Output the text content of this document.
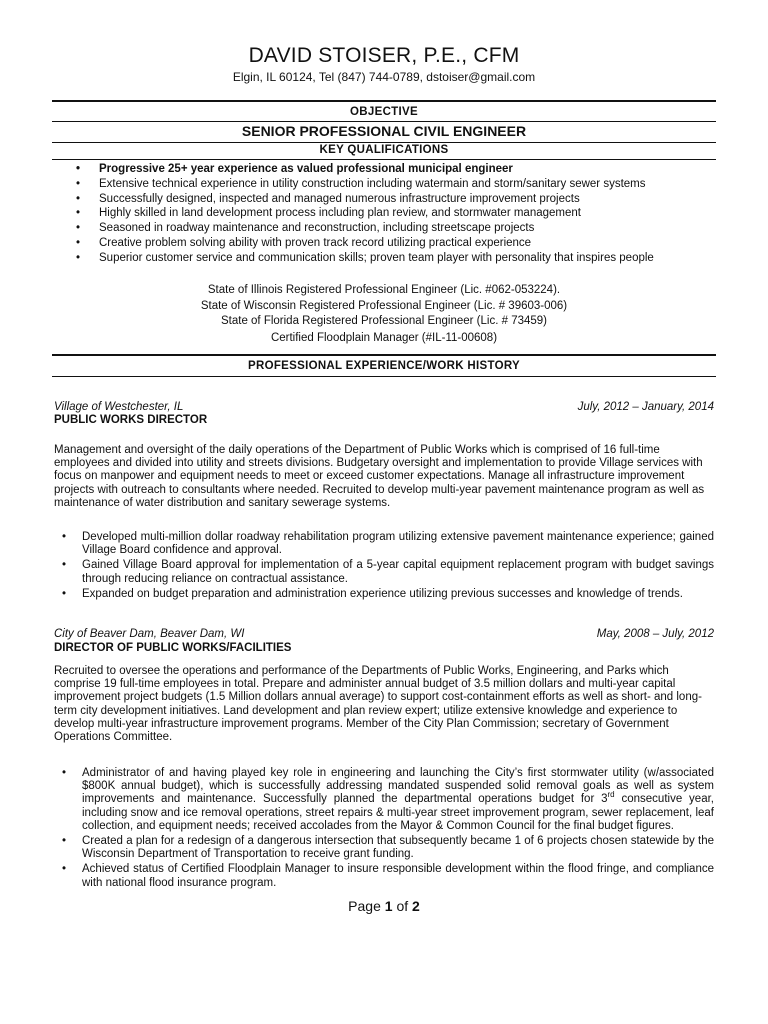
DAVID STOISER, P.E., CFM
Elgin, IL 60124, Tel (847) 744-0789, dstoiser@gmail.com
OBJECTIVE
SENIOR PROFESSIONAL CIVIL ENGINEER
KEY QUALIFICATIONS
• Progressive 25+ year experience as valued professional municipal engineer
• Extensive technical experience in utility construction including watermain and storm/sanitary sewer systems
• Successfully designed, inspected and managed numerous infrastructure improvement projects
• Highly skilled in land development process including plan review, and stormwater management
• Seasoned in roadway maintenance and reconstruction, including streetscape projects
• Creative problem solving ability with proven track record utilizing practical experience
• Superior customer service and communication skills; proven team player with personality that inspires people
State of Illinois Registered Professional Engineer (Lic. #062-053224).
State of Wisconsin Registered Professional Engineer (Lic. # 39603-006)
State of Florida Registered Professional Engineer (Lic. # 73459)
Certified Floodplain Manager (#IL-11-00608)
PROFESSIONAL EXPERIENCE/WORK HISTORY
Village of Westchester, IL	July, 2012 – January, 2014
PUBLIC WORKS DIRECTOR

Management and oversight of the daily operations of the Department of Public Works which is comprised of 16 full-time employees and divided into utility and streets divisions. Budgetary oversight and implementation to provide Village services with focus on manpower and equipment needs to meet or exceed customer expectations. Manage all infrastructure improvement projects with outreach to consultants where needed. Recruited to develop multi-year pavement maintenance program as well as maintenance of water distribution and sanitary sewerage systems.

• Developed multi-million dollar roadway rehabilitation program utilizing extensive pavement maintenance experience; gained Village Board confidence and approval.
• Gained Village Board approval for implementation of a 5-year capital equipment replacement program with budget savings through reducing reliance on contractual assistance.
• Expanded on budget preparation and administration experience utilizing previous successes and knowledge of trends.
City of Beaver Dam, Beaver Dam, WI	May, 2008 – July, 2012
DIRECTOR OF PUBLIC WORKS/FACILITIES

Recruited to oversee the operations and performance of the Departments of Public Works, Engineering, and Parks which comprise 19 full-time employees in total. Prepare and administer annual budget of 3.5 million dollars and multi-year capital improvement project budgets (1.5 Million dollars annual average) to support cost-containment efforts as well as short- and long-term city development initiatives. Land development and plan review expert; utilize extensive knowledge and experience to develop multi-year infrastructure improvement programs. Member of the City Plan Commission; secretary of Government Operations Committee.

• Administrator of and having played key role in engineering and launching the City’s first stormwater utility (w/associated $800K annual budget), which is successfully addressing mandated suspended solid removal goals as well as system improvements and maintenance. Successfully planned the departmental operations budget for 3rd consecutive year, including snow and ice removal operations, street repairs & multi-year street improvement program, sewer replacement, leaf collection, and equipment needs; received accolades from the Mayor & Common Council for the final budget figures.
• Created a plan for a redesign of a dangerous intersection that subsequently became 1 of 6 projects chosen statewide by the Wisconsin Department of Transportation to receive grant funding.
• Achieved status of Certified Floodplain Manager to insure responsible development within the flood fringe, and compliance with national flood insurance program.
Page 1 of 2
